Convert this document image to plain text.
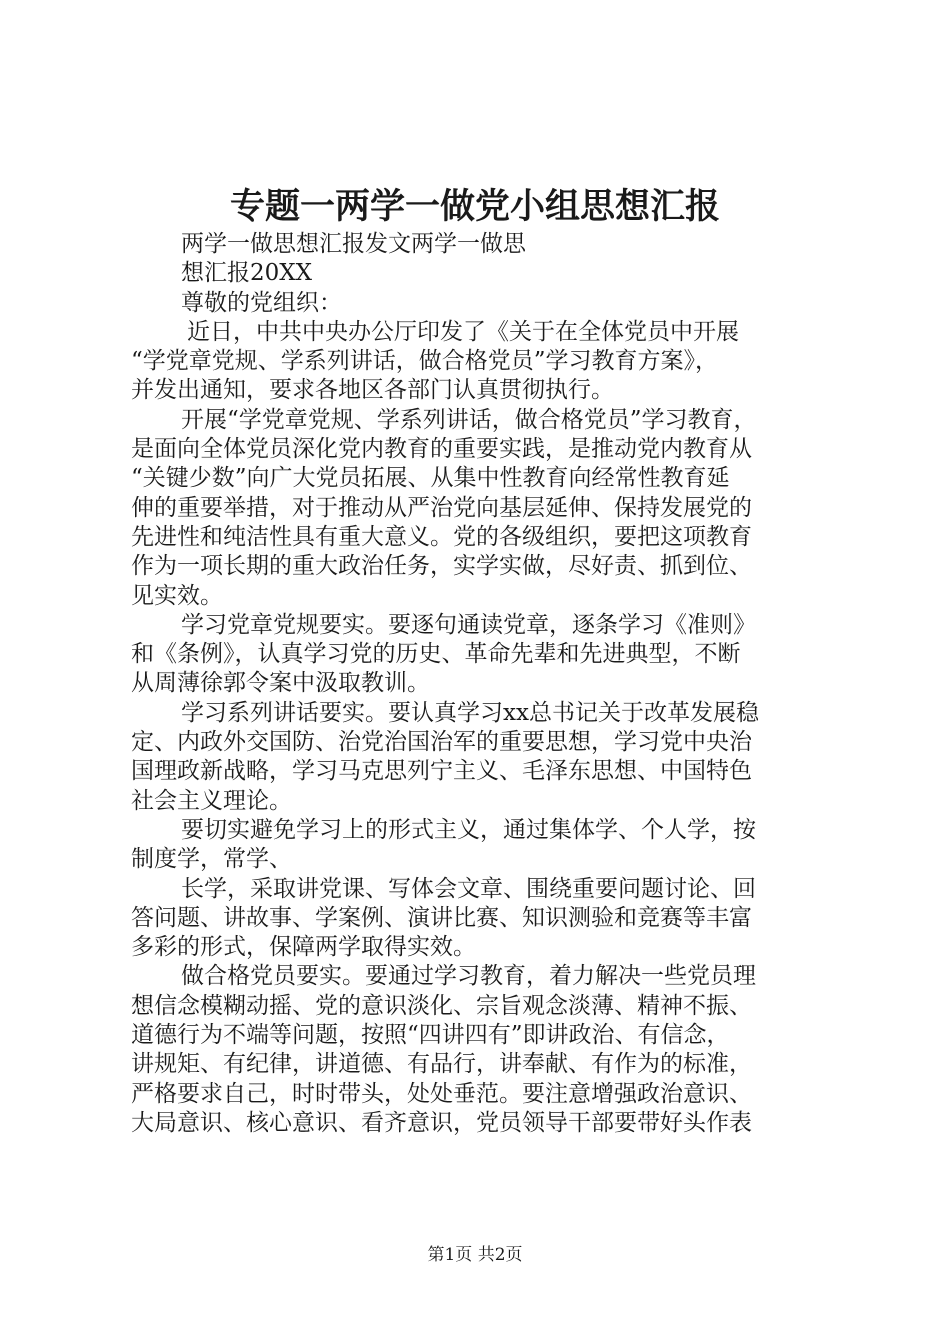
专题一两学一做党小组思想汇报
两学一做思想汇报发文两学一做思
想汇报20XX
尊敬的党组织：
近日，中共中央办公厅印发了《关于在全体党员中开展
“学党章党规、学系列讲话，做合格党员”学习教育方案》，
并发出通知，要求各地区各部门认真贯彻执行。
开展“学党章党规、学系列讲话，做合格党员”学习教育，
是面向全体党员深化党内教育的重要实践，是推动党内教育从
“关键少数”向广大党员拓展、从集中性教育向经常性教育延
伸的重要举措，对于推动从严治党向基层延伸、保持发展党的
先进性和纯洁性具有重大意义。党的各级组织，要把这项教育
作为一项长期的重大政治任务，实学实做，尽好责、抓到位、
见实效。
学习党章党规要实。要逐句通读党章，逐条学习《准则》
和《条例》，认真学习党的历史、革命先辈和先进典型，不断
从周薄徐郭令案中汲取教训。
学习系列讲话要实。要认真学习xx总书记关于改革发展稳
定、内政外交国防、治党治国治军的重要思想，学习党中央治
国理政新战略，学习马克思列宁主义、毛泽东思想、中国特色
社会主义理论。
要切实避免学习上的形式主义，通过集体学、个人学，按
制度学，常学、
长学，采取讲党课、写体会文章、围绕重要问题讨论、回
答问题、讲故事、学案例、演讲比赛、知识测验和竞赛等丰富
多彩的形式，保障两学取得实效。
做合格党员要实。要通过学习教育，着力解决一些党员理
想信念模糊动摇、党的意识淡化、宗旨观念淡薄、精神不振、
道德行为不端等问题，按照“四讲四有”即讲政治、有信念，
讲规矩、有纪律，讲道德、有品行，讲奉献、有作为的标准，
严格要求自己，时时带头，处处垂范。要注意增强政治意识、
大局意识、核心意识、看齐意识，党员领导干部要带好头作表
第1页 共2页
